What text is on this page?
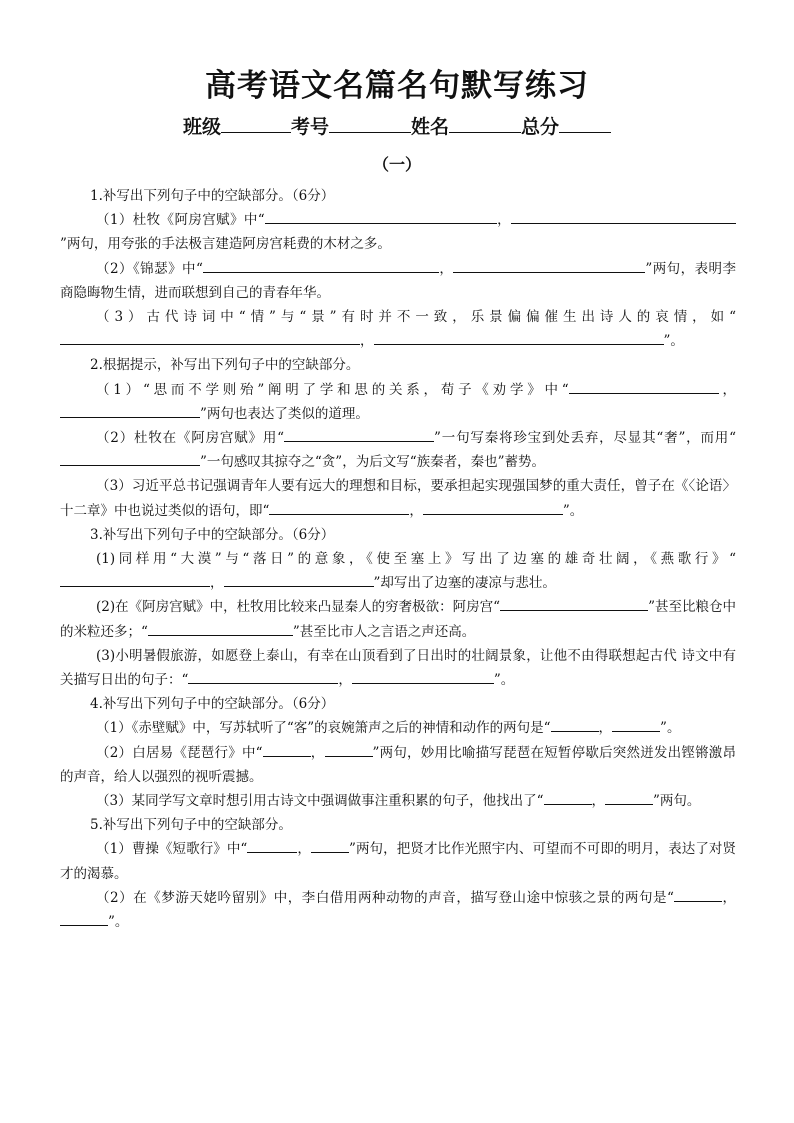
高考语文名篇名句默写练习
班级	考号	姓名	总分
（一）

1.补写出下列句子中的空缺部分。（6分）

（1）杜牧《阿房宫赋》中“	，”两句，用夸张的手法极言建造阿房宫耗费的木材之多。

（2）《锦瑟》中“	，	”两句，表明李商隐晦物生情，进而联想到自己的青春年华。

（3）古代诗词中“情”与“景”有时并不一致，乐景偏偏催生出诗人的哀情，如“，	”。

2.根据提示，补写出下列句子中的空缺部分。

（1）“思而不学则殆”阐明了学和思的关系，荀子《劝学》中“	，”两句也表达了类似的道理。

（2）杜牧在《阿房宫赋》用“	”一句写秦将珍宝到处丢弃，尽显其“奢”，而用“”一句感叹其掠夺之“贪”，为后文写“族秦者，秦也”蓄势。

（3）习近平总书记强调青年人要有远大的理想和目标，要承担起实现强国梦的重大责任，曾子在《〈论语〉十二章》中也说过类似的语句，即“	，	”。

3.补写出下列句子中的空缺部分。（6分）

(1)同样用“大漠”与“落日”的意象，《使至塞上》写出了边塞的雄奇壮阔，《燕歌行》“，	”却写出了边塞的凄凉与悲壮。

(2)在《阿房宫赋》中，杜牧用比较来凸显秦人的穷奢极欲：阿房宫“	”甚至比粮仓中的米粒还多；“	”甚至比市人之言语之声还高。

(3)小明暑假旅游，如愿登上泰山，有幸在山顶看到了日出时的壮阔景象，让他不由得联想起古代 诗文中有关描写日出的句子：“	，	”。

4.补写出下列句子中的空缺部分。（6分）

（1）《赤壁赋》中，写苏轼听了“客”的哀婉箫声之后的神情和动作的两句是“	，	”。

（2）白居易《琵琶行》中“	，	”两句，妙用比喻描写琵琶在短暂停歇后突然迸发出铿锵激昂的声音，给人以强烈的视听震撼。

（3）某同学写文章时想引用古诗文中强调做事注重积累的句子，他找出了“	，	”两句。

5.补写出下列句子中的空缺部分。

（1）曹操《短歌行》中“	，	”两句，把贤才比作光照宇内、可望而不可即的明月，表达了对贤才的渴慕。

（2）在《梦游天姥吟留别》中，李白借用两种动物的声音，描写登山途中惊骇之景的两句是“	，”。
